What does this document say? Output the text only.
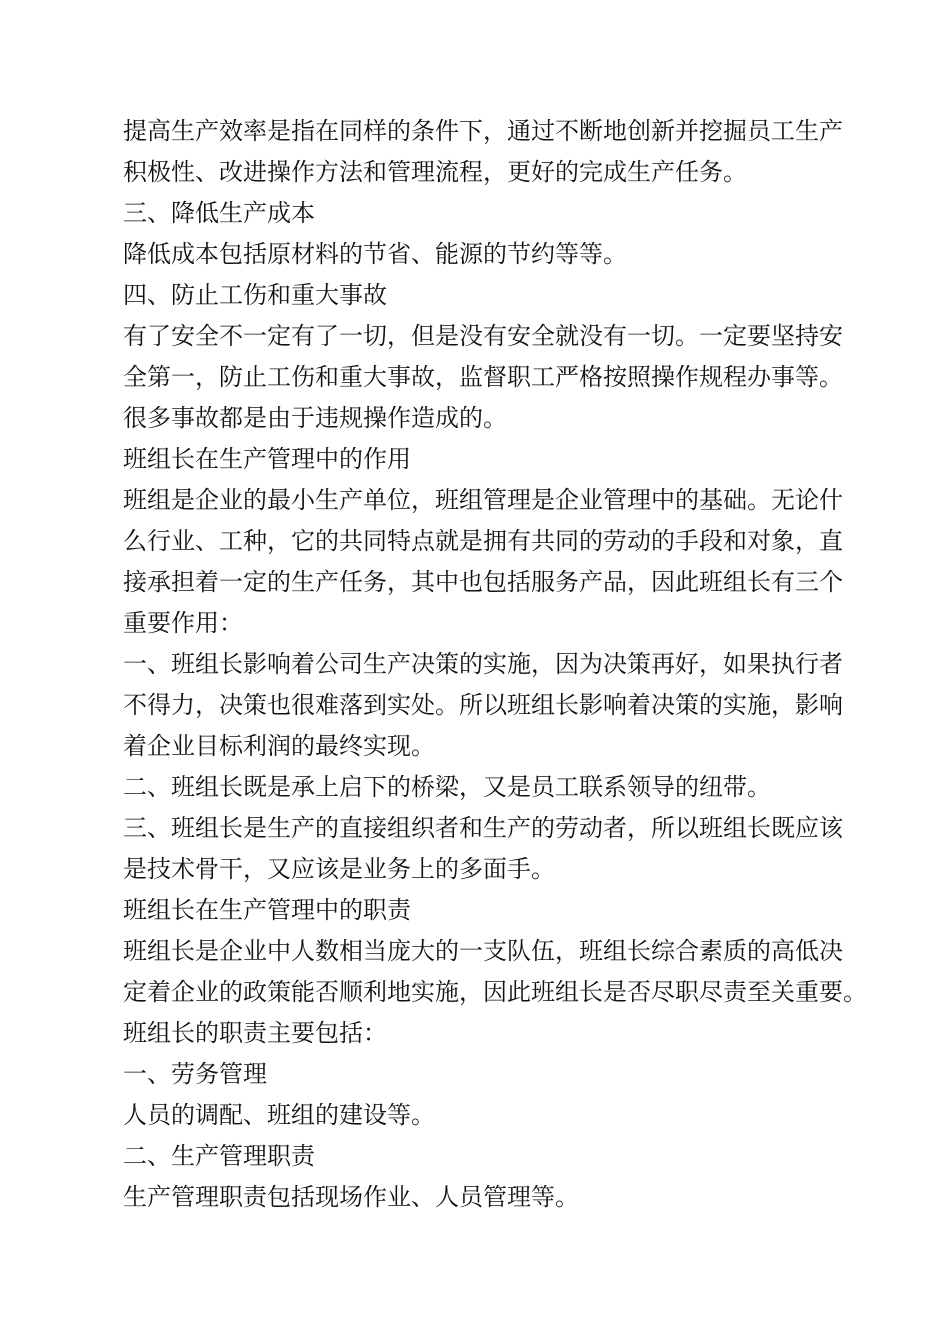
提高生产效率是指在同样的条件下，通过不断地创新并挖掘员工生产
积极性、改进操作方法和管理流程，更好的完成生产任务。
三、降低生产成本
降低成本包括原材料的节省、能源的节约等等。
四、防止工伤和重大事故
有了安全不一定有了一切，但是没有安全就没有一切。一定要坚持安
全第一，防止工伤和重大事故，监督职工严格按照操作规程办事等。
很多事故都是由于违规操作造成的。
班组长在生产管理中的作用
班组是企业的最小生产单位，班组管理是企业管理中的基础。无论什
么行业、工种，它的共同特点就是拥有共同的劳动的手段和对象，直
接承担着一定的生产任务，其中也包括服务产品，因此班组长有三个
重要作用：
一、班组长影响着公司生产决策的实施，因为决策再好，如果执行者
不得力，决策也很难落到实处。所以班组长影响着决策的实施，影响
着企业目标利润的最终实现。
二、班组长既是承上启下的桥梁，又是员工联系领导的纽带。
三、班组长是生产的直接组织者和生产的劳动者，所以班组长既应该
是技术骨干，又应该是业务上的多面手。
班组长在生产管理中的职责
班组长是企业中人数相当庞大的一支队伍，班组长综合素质的高低决
定着企业的政策能否顺利地实施，因此班组长是否尽职尽责至关重要。
班组长的职责主要包括：
一、劳务管理
人员的调配、班组的建设等。
二、生产管理职责
生产管理职责包括现场作业、人员管理等。
